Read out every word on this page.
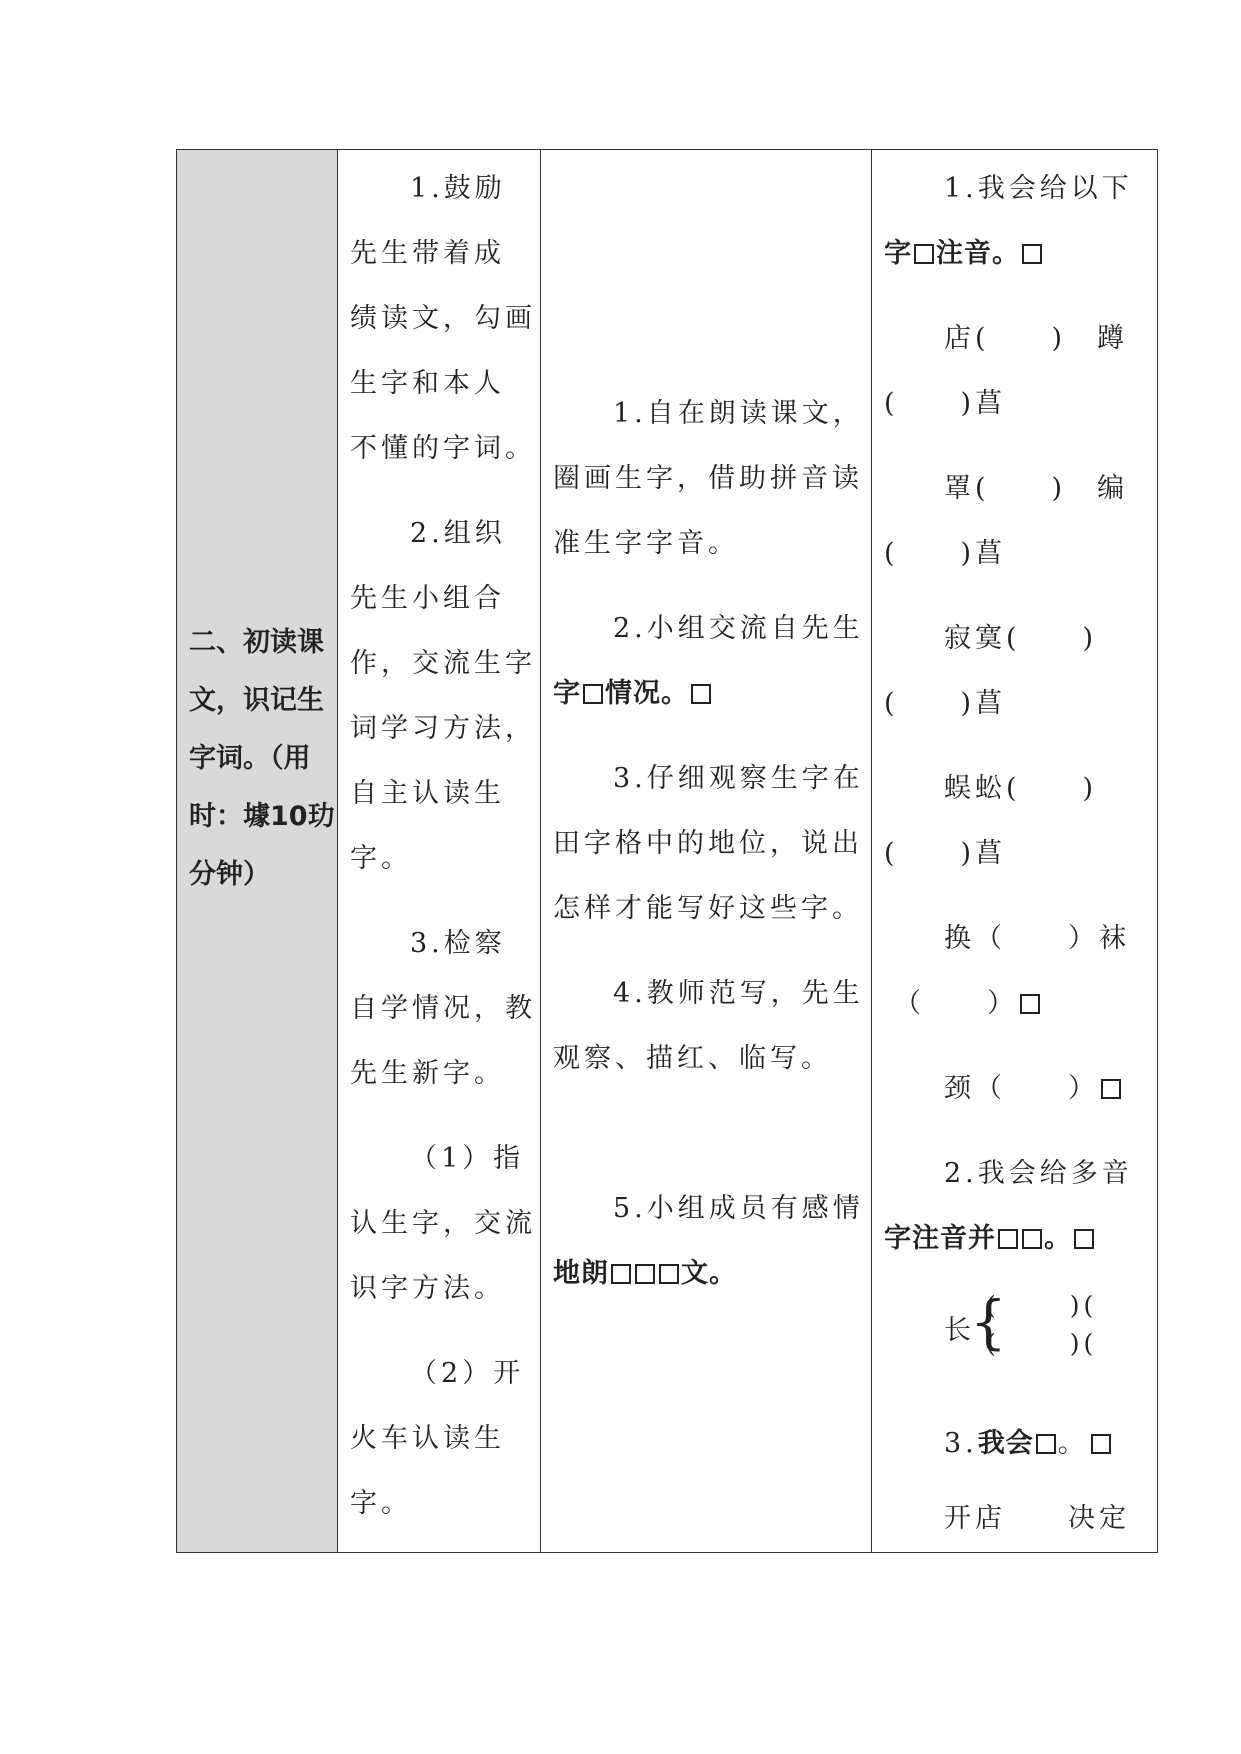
二、初读课
文，识记生
字词。（用
时：壉10玏
分钟）
1.鼓励
先生带着成
绩读文，勾画
生字和本人
不懂的字词。
2.组织
先生小组合
作，交流生字
词学习方法，
自主认读生
字。
3.检察
自学情况，教
先生新字。
（1）指
认生字，交流
识字方法。
（2）开
火车认读生
字。
1.自在朗读课文，
圈画生字，借助拼音读
准生字字音。
2.小组交流自先生
字 情况。
3.仔细观察生字在
田字格中的地位，说出
怎样才能写好这些字。
4.教师范写，先生
观察、描红、临写。
5.小组成员有感情
地朗	文。
1.我会给以下
字 注音。
店(　　)　蹲
(　　)菖
罩(　　)　编
(　　)菖
寂寞(　　)
(　　)菖
蜈蚣(　　)
(　　)菖
换（　　）袜
（　　）
颈（　　）
2.我会给多音
字注音并 。
长
{
(　　 )(
(　　 )(
3.我会 。
开店　　决定
